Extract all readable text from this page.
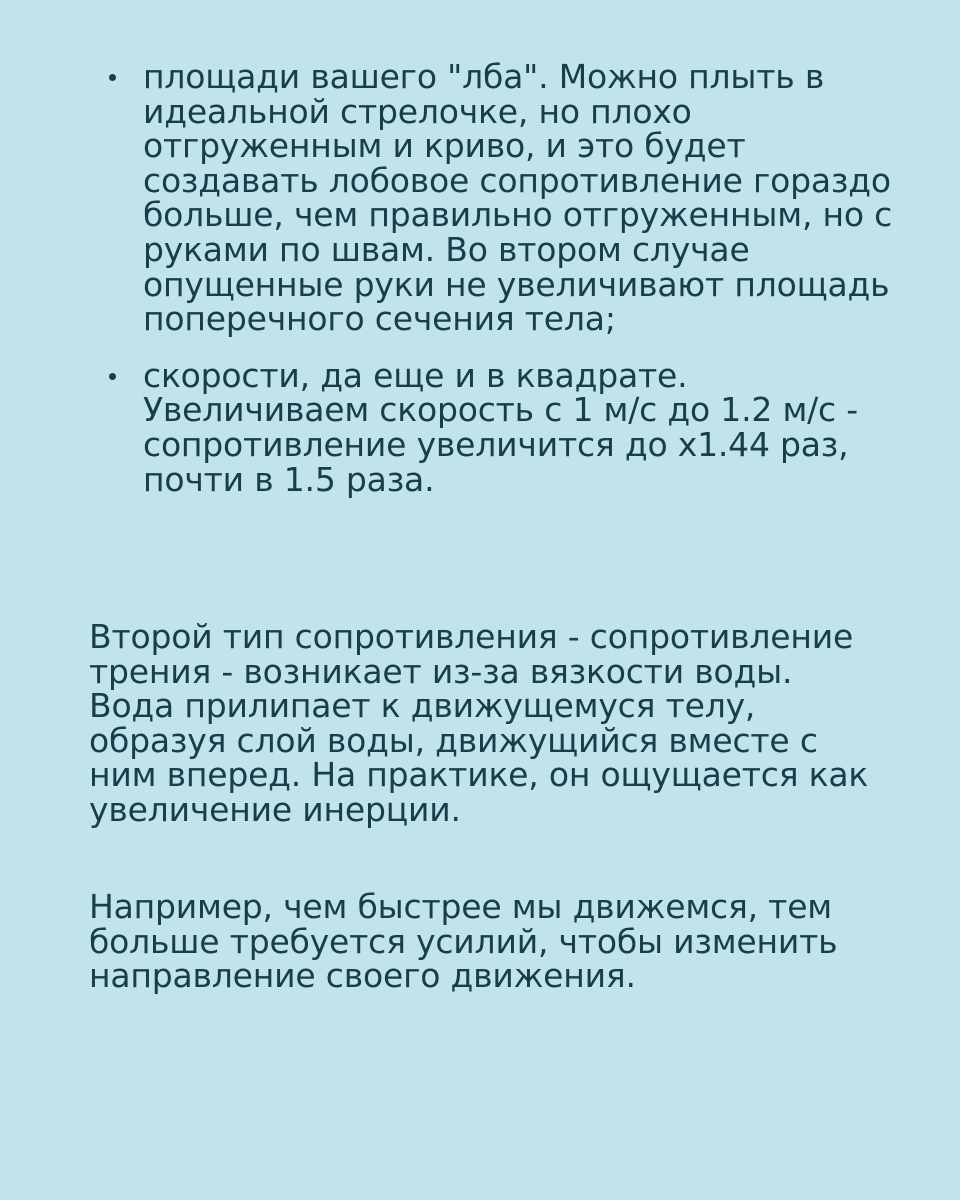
площади вашего "лба". Можно плыть в идеальной стрелочке, но плохо отгруженным и криво, и это будет создавать лобовое сопротивление гораздо больше, чем правильно отгруженным, но с руками по швам. Во втором случае опущенные руки не увеличивают площадь поперечного сечения тела;
скорости, да еще и в квадрате. Увеличиваем скорость с 1 м/с до 1.2 м/с - сопротивление увеличится до х1.44 раз, почти в 1.5 раза.

Второй тип сопротивления - сопротивление трения - возникает из-за вязкости воды. Вода прилипает к движущемуся телу, образуя слой воды, движущийся вместе с ним вперед. На практике, он ощущается как увеличение инерции.

Например, чем быстрее мы движемся, тем больше требуется усилий, чтобы изменить направление своего движения.
